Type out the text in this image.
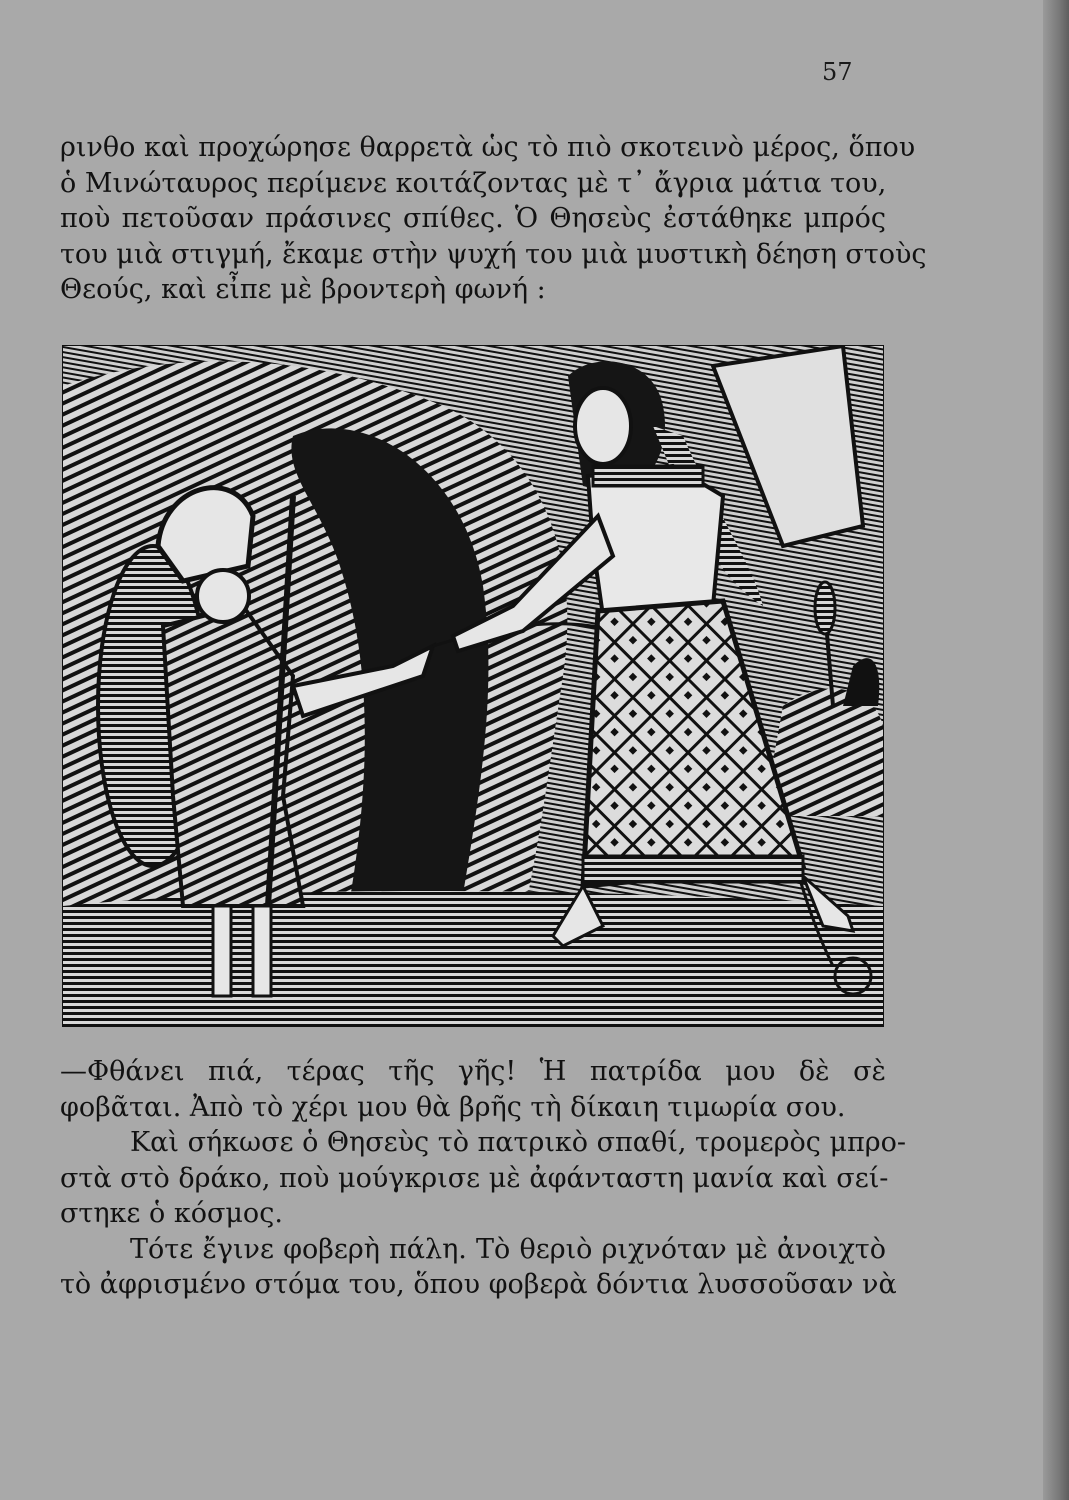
57
ρινθο καὶ προχώρησε θαρρετὰ ὡς τὸ πιὸ σκοτεινὸ μέρος, ὅπου
ὁ Μινώταυρος περίμενε κοιτάζοντας μὲ τ᾽ ἄγρια μάτια του,
ποὺ πετοῦσαν πράσινες σπίθες. Ὁ Θησεὺς ἐστάθηκε μπρός
του μιὰ στιγμή, ἔκαμε στὴν ψυχή του μιὰ μυστικὴ δέηση στοὺς
Θεούς, καὶ εἶπε μὲ βροντερὴ φωνή :
—Φθάνει πιά, τέρας τῆς γῆς! Ἡ πατρίδα μου δὲ σὲ
φοβᾶται. Ἀπὸ τὸ χέρι μου θὰ βρῆς τὴ δίκαιη τιμωρία σου.
Καὶ σήκωσε ὁ Θησεὺς τὸ πατρικὸ σπαθί, τρομερὸς μπρο-
στὰ στὸ δράκο, ποὺ μούγκρισε μὲ ἀφάνταστη μανία καὶ σεί-
στηκε ὁ κόσμος.
Τότε ἔγινε φοβερὴ πάλη. Τὸ θεριὸ ριχνόταν μὲ ἀνοιχτὸ
τὸ ἀφρισμένο στόμα του, ὅπου φοβερὰ δόντια λυσσοῦσαν νὰ
